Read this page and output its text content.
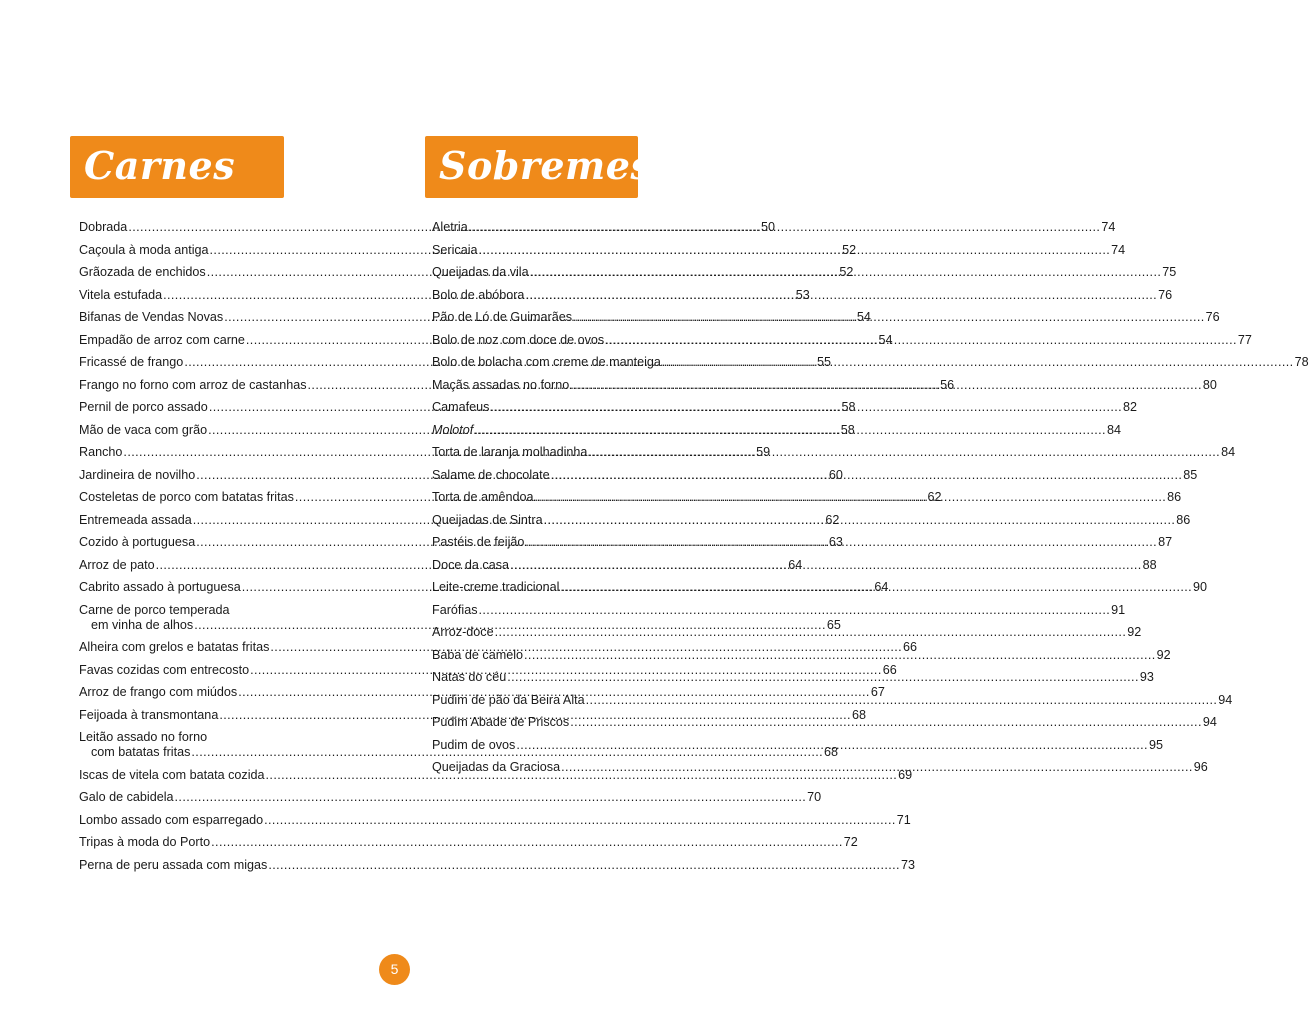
Carnes	Sobremesas
Dobrada .....	50
Caçoula à moda antiga .....	52
Grãozada de enchidos .....	52
Vitela estufada .....	53
Bifanas de Vendas Novas .....	54
Empadão de arroz com carne .....	54
Fricassé de frango .....	55
Frango no forno com arroz de castanhas .....	56
Pernil de porco assado .....	58
Mão de vaca com grão .....	58
Rancho .....	59
Jardineira de novilho .....	60
Costeletas de porco com batatas fritas .....	62
Entremeada assada .....	62
Cozido à portuguesa .....	63
Arroz de pato .....	64
Cabrito assado à portuguesa .....	64
Carne de porco temperada
em vinha de alhos .....	65
Alheira com grelos e batatas fritas .....	66
Favas cozidas com entrecosto .....	66
Arroz de frango com miúdos .....	67
Feijoada à transmontana .....	68
Leitão assado no forno
com batatas fritas .....	68
Iscas de vitela com batata cozida .....	69
Galo de cabidela .....	70
Lombo assado com esparregado .....	71
Tripas à moda do Porto .....	72
Perna de peru assada com migas .....	73
Aletria .....	74
Sericaia .....	74
Queijadas da vila .....	75
Bolo de abóbora .....	76
Pão de Ló de Guimarães .....	76
Bolo de noz com doce de ovos .....	77
Bolo de bolacha com creme de manteiga .....	78
Maçãs assadas no forno .....	80
Camafeus .....	82
Molotof .....	84
Torta de laranja molhadinha .....	84
Salame de chocolate .....	85
Torta de amêndoa .....	86
Queijadas de Sintra .....	86
Pastéis de feijão .....	87
Doce da casa .....	88
Leite-creme tradicional .....	90
Farófias .....	91
Arroz-doce .....	92
Baba de camelo .....	92
Natas do céu .....	93
Pudim de pão da Beira Alta .....	94
Pudim Abade de Priscos .....	94
Pudim de ovos .....	95
Queijadas da Graciosa .....	96
5
